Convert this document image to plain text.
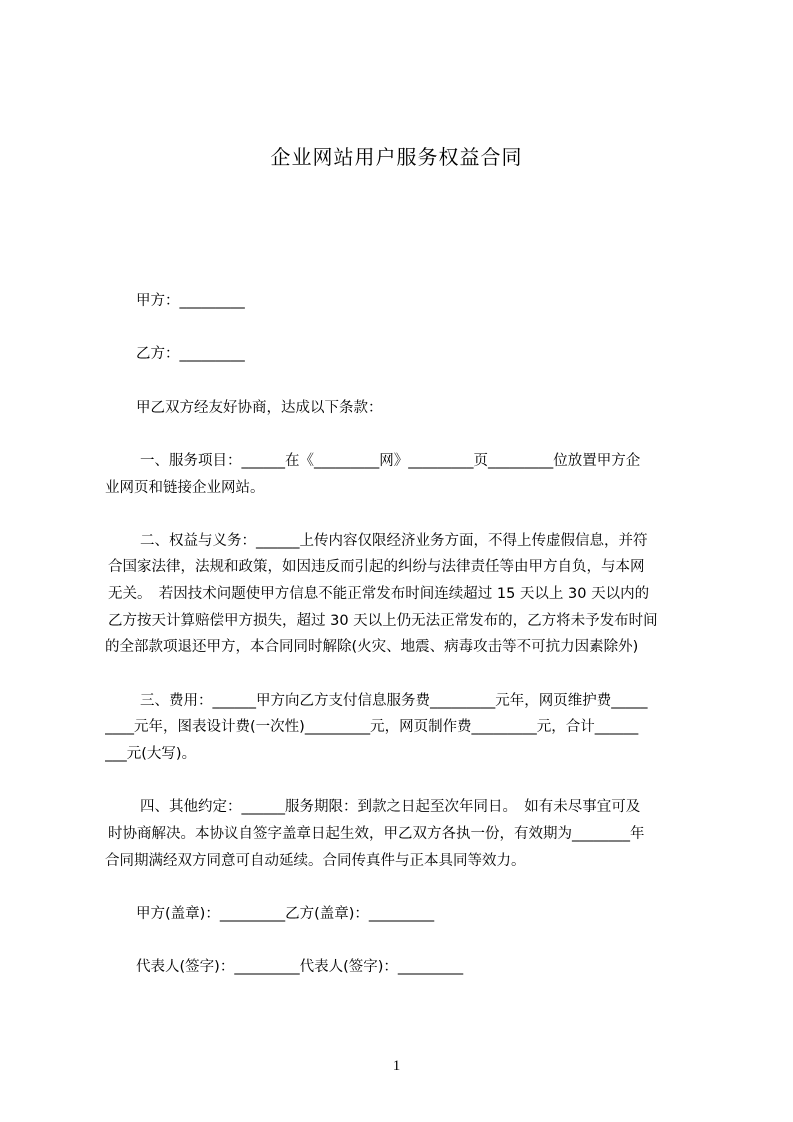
企业网站用户服务权益合同
甲方：_________
乙方：_________
甲乙双方经友好协商，达成以下条款：
一、服务项目：______在《_________网》_________页_________位放置甲方企
业网页和链接企业网站。
二、权益与义务：______上传内容仅限经济业务方面，不得上传虚假信息，并符
合国家法律，法规和政策，如因违反而引起的纠纷与法律责任等由甲方自负，与本网
无关。　若因技术问题使甲方信息不能正常发布时间连续超过 15 天以上 30 天以内的
乙方按天计算赔偿甲方损失，超过 30 天以上仍无法正常发布的，乙方将未予发布时间
的全部款项退还甲方，本合同同时解除(火灾、地震、病毒攻击等不可抗力因素除外)
三、费用：______甲方向乙方支付信息服务费_________元年，网页维护费_____
____元年，图表设计费(一次性)_________元，网页制作费_________元，合计______
___元(大写)。
四、其他约定：______服务期限：到款之日起至次年同日。　如有未尽事宜可及
时协商解决。本协议自签字盖章日起生效，甲乙双方各执一份，有效期为________年
合同期满经双方同意可自动延续。合同传真件与正本具同等效力。
甲方(盖章)：_________乙方(盖章)：_________
代表人(签字)：_________代表人(签字)：_________
1
